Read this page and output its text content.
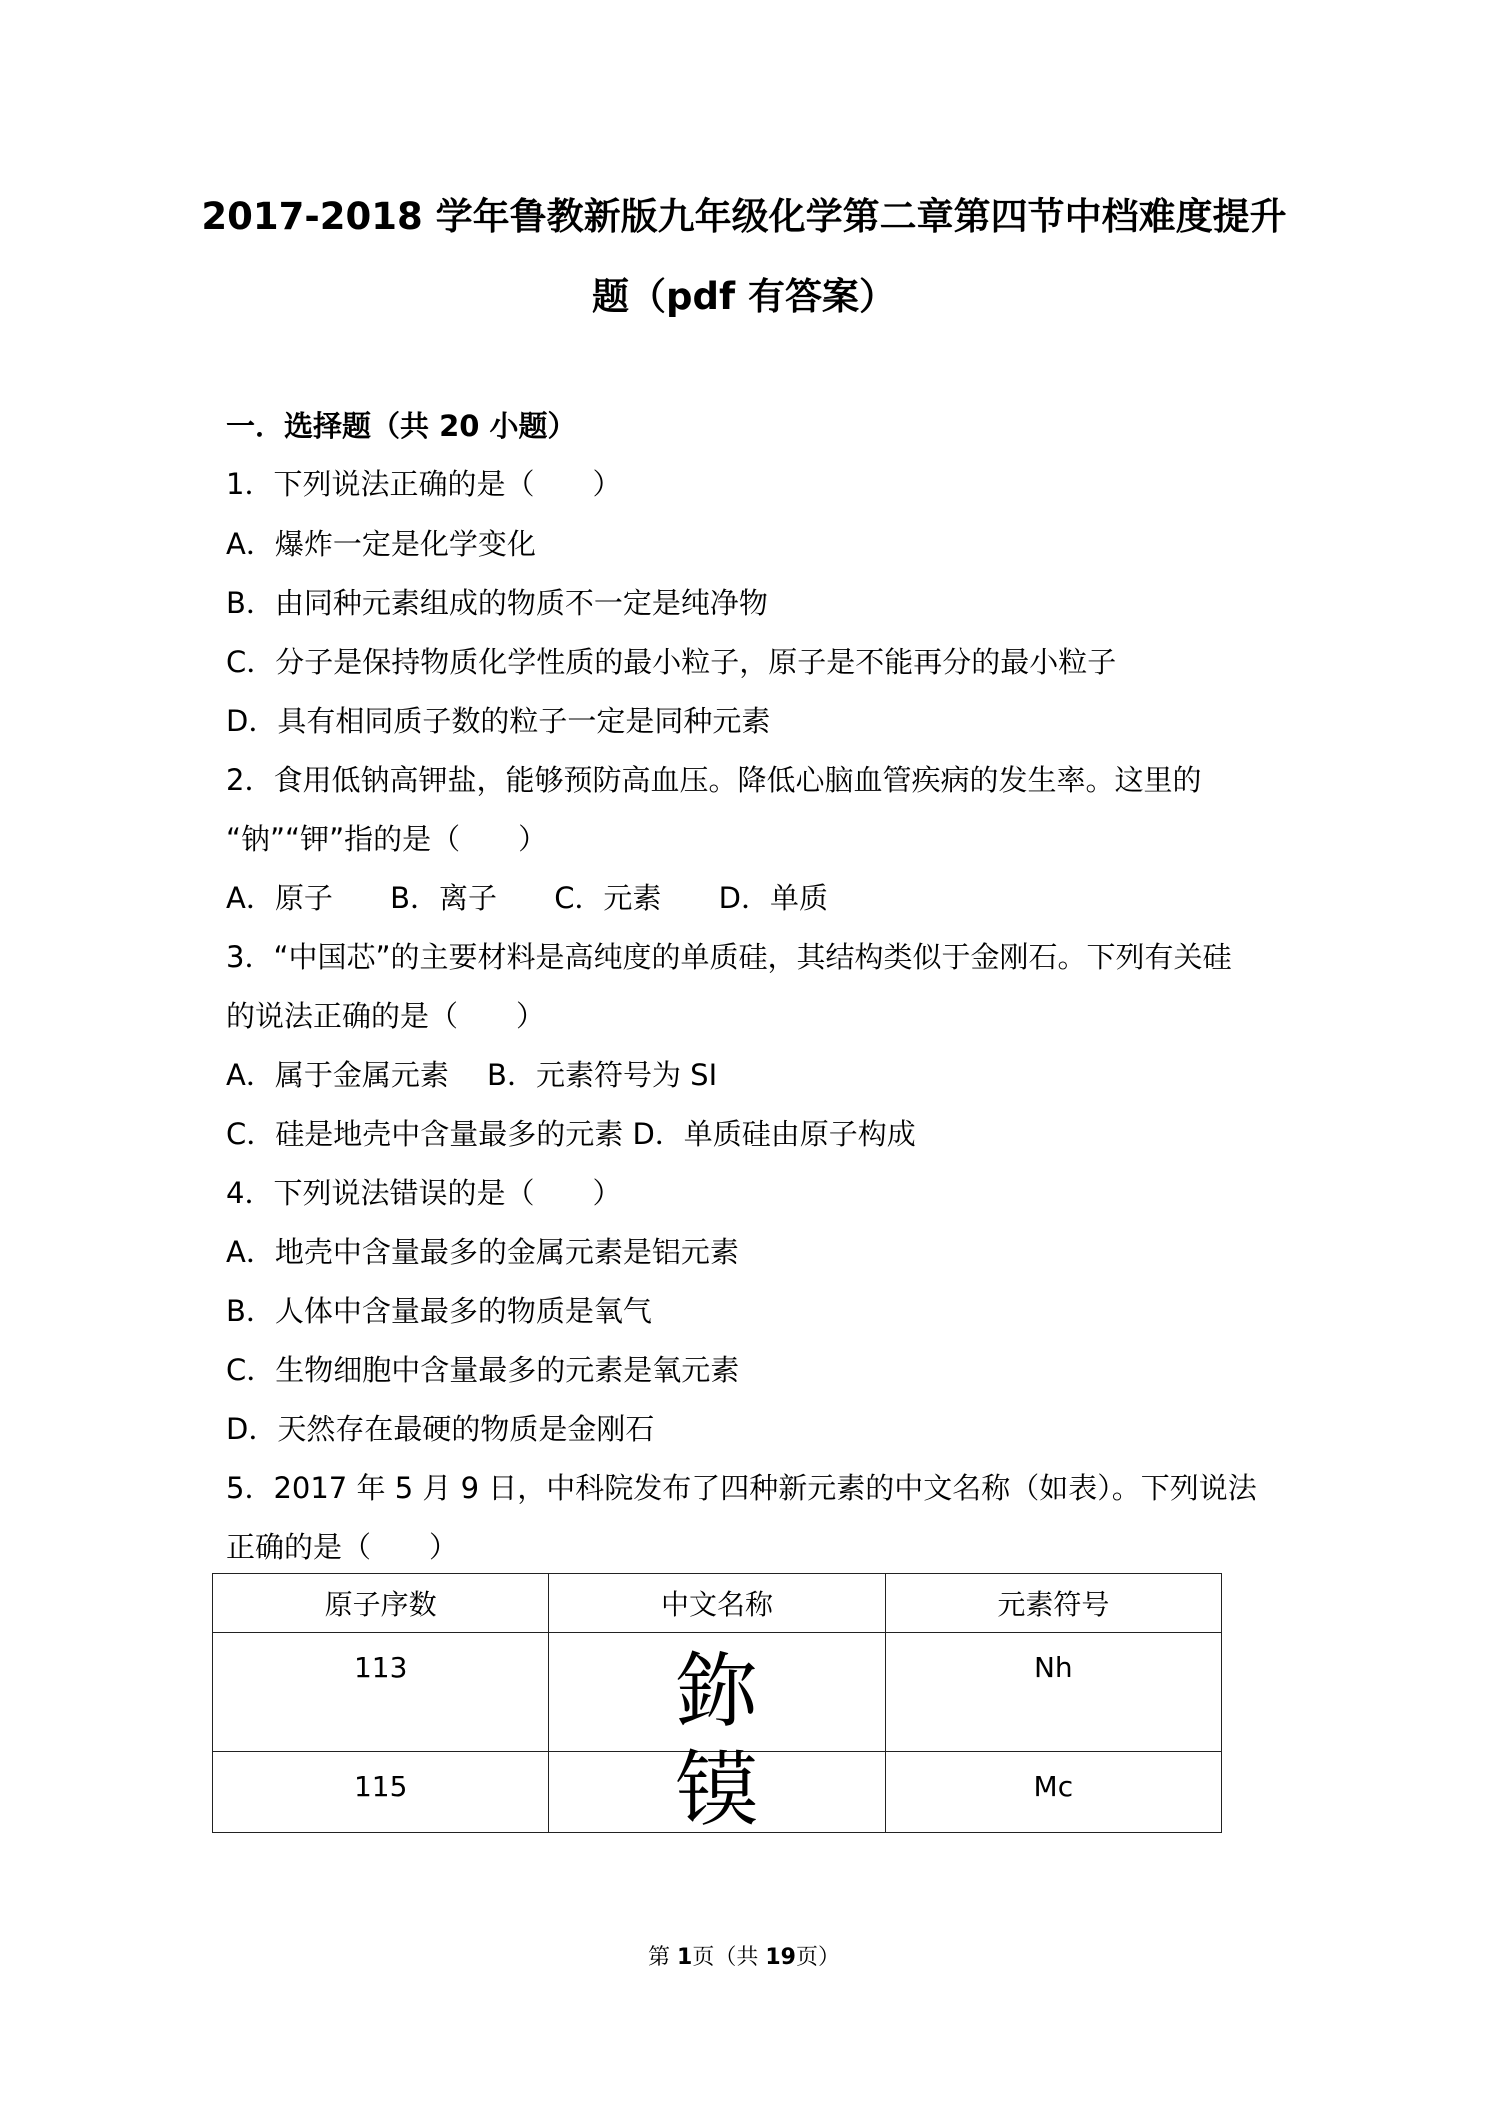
2017-2018 学年鲁教新版九年级化学第二章第四节中档难度提升
题（pdf 有答案）
一．选择题（共 20 小题）
1．下列说法正确的是（　　）
A．爆炸一定是化学变化
B．由同种元素组成的物质不一定是纯净物
C．分子是保持物质化学性质的最小粒子，原子是不能再分的最小粒子
D．具有相同质子数的粒子一定是同种元素
2．食用低钠高钾盐，能够预防高血压。降低心脑血管疾病的发生率。这里的
“钠”“钾”指的是（　　）
A．原子 B．离子 C．元素 D．单质
3．“中国芯”的主要材料是高纯度的单质硅，其结构类似于金刚石。下列有关硅
的说法正确的是（　　）
A．属于金属元素　 B．元素符号为 SI
C．硅是地壳中含量最多的元素 D．单质硅由原子构成
4．下列说法错误的是（　　）
A．地壳中含量最多的金属元素是铝元素
B．人体中含量最多的物质是氧气
C．生物细胞中含量最多的元素是氧元素
D．天然存在最硬的物质是金刚石
5．2017 年 5 月 9 日，中科院发布了四种新元素的中文名称（如表）。下列说法
正确的是（　　）
原子序数	中文名称	元素符号

113	鉨	Nh

115	镆	Mc
第 1页（共 19页）
